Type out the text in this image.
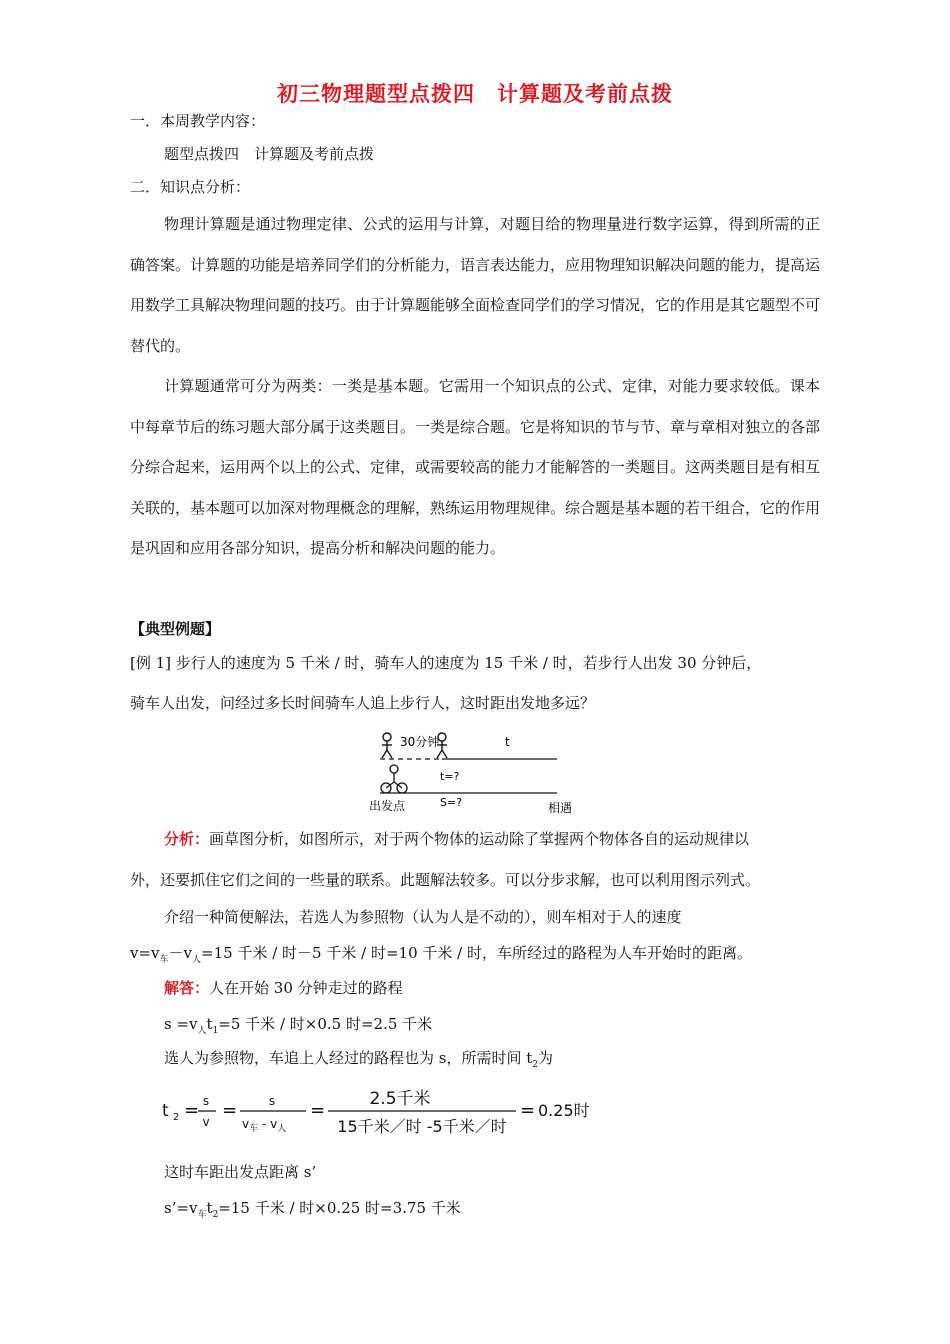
初三物理题型点拨四　计算题及考前点拨
一．本周教学内容：
题型点拨四　计算题及考前点拨
二．知识点分析：

物理计算题是通过物理定律、公式的运用与计算，对题目给的物理量进行数字运算，得到所需的正确答案。计算题的功能是培养同学们的分析能力，语言表达能力，应用物理知识解决问题的能力，提高运用数学工具解决物理问题的技巧。由于计算题能够全面检查同学们的学习情况，它的作用是其它题型不可替代的。

计算题通常可分为两类：一类是基本题。它需用一个知识点的公式、定律，对能力要求较低。课本中每章节后的练习题大部分属于这类题目。一类是综合题。它是将知识的节与节、章与章相对独立的各部分综合起来，运用两个以上的公式、定律，或需要较高的能力才能解答的一类题目。这两类题目是有相互关联的，基本题可以加深对物理概念的理解，熟练运用物理规律。综合题是基本题的若干组合，它的作用是巩固和应用各部分知识，提高分析和解决问题的能力。

【典型例题】
[例 1] 步行人的速度为 5 千米 / 时，骑车人的速度为 15 千米 / 时，若步行人出发 30 分钟后，
骑车人出发，问经过多长时间骑车人追上步行人，这时距出发地多远？
30分钟	t
t=?
出发点	S=?	相遇
分析：画草图分析，如图所示，对于两个物体的运动除了掌握两个物体各自的运动规律以
外，还要抓住它们之间的一些量的联系。此题解法较多。可以分步求解，也可以利用图示列式。
介绍一种简便解法，若选人为参照物（认为人是不动的），则车相对于人的速度
$v=v_车-v_人=15$ 千米 / 时－5 千米 / 时=10 千米 / 时，车所经过的路程为人车开始时的距离。
解答：人在开始 30 分钟走过的路程
$s =v_人t_1=5$ 千米 / 时×0.5 时=2.5 千米
选人为参照物，车追上人经过的路程也为 s，所需时间 $t_2$为
t 2 = s
v
=	s
$v_车 - v_人$
=
2.5千米
15千米／时 -5千米／时
= 0.25时
这时车距出发点距离 s’
$s’=v_车t_2=15$ 千米 / 时×0.25 时=3.75 千米
